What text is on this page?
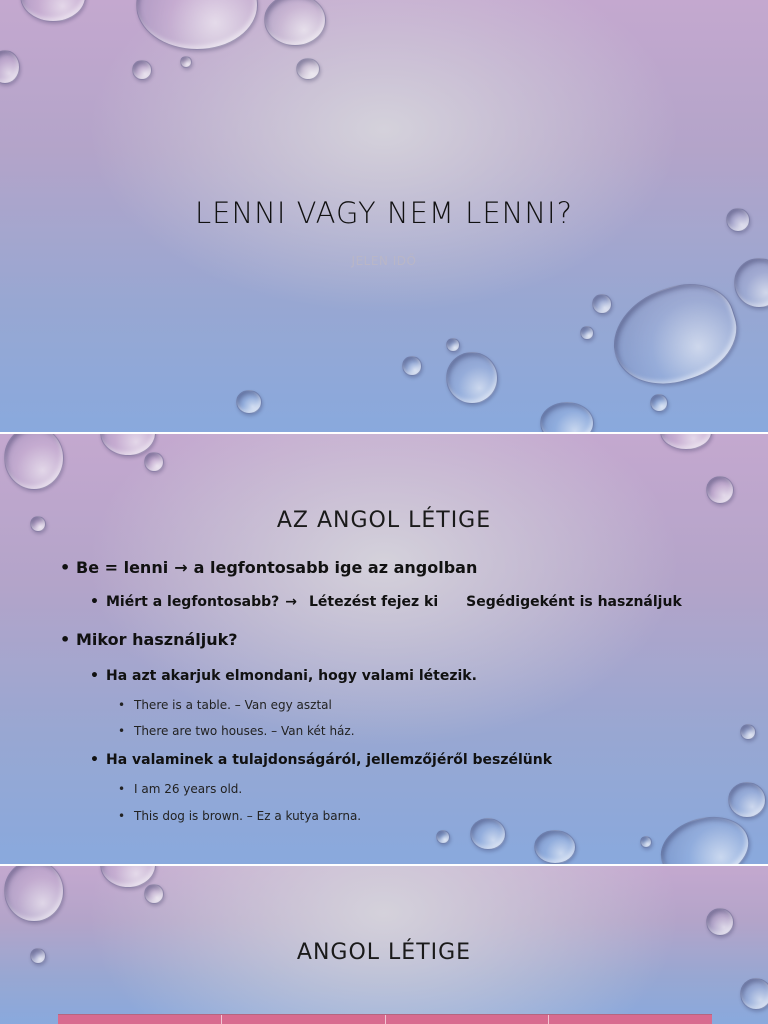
LENNI VAGY NEM LENNI?
JELEN IDŐ
AZ ANGOL LÉTIGE
• Be = lenni → a legfontosabb ige az angolban
• Miért a legfontosabb? → Létezést fejez ki Segédigeként is használjuk
• Mikor használjuk?
• Ha azt akarjuk elmondani, hogy valami létezik.
• There is a table. – Van egy asztal
• There are two houses. – Van két ház.
• Ha valaminek a tulajdonságáról, jellemzőjéről beszélünk
• I am 26 years old.
• This dog is brown. – Ez a kutya barna.
ANGOL LÉTIGE
